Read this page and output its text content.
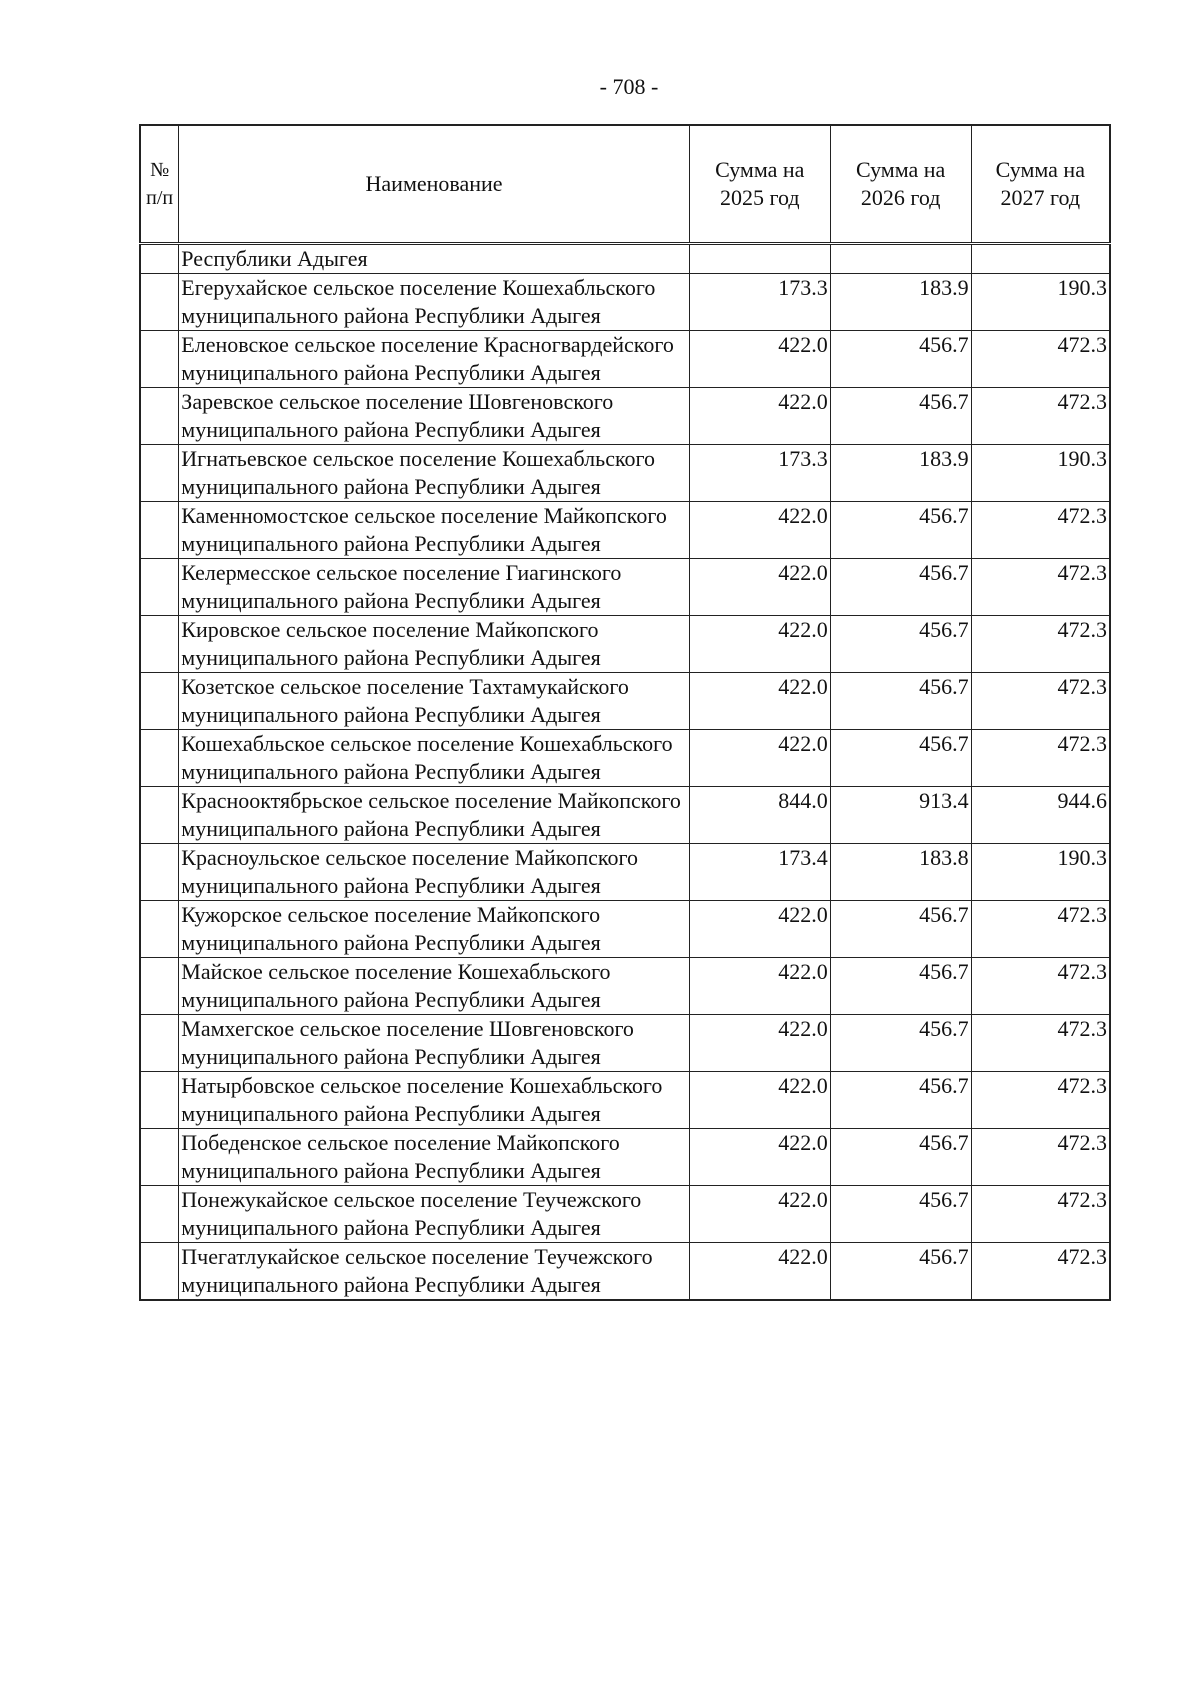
- 708 -
№ п/п	Наименование	Сумма на 2025 год	Сумма на 2026 год	Сумма на 2027 год
	Республики Адыгея			
	Егерухайское сельское поселение Кошехабльского муниципального района Республики Адыгея	173.3	183.9	190.3
	Еленовское сельское поселение Красногвардейского муниципального района Республики Адыгея	422.0	456.7	472.3
	Заревское сельское поселение Шовгеновского муниципального района Республики Адыгея	422.0	456.7	472.3
	Игнатьевское сельское поселение Кошехабльского муниципального района Республики Адыгея	173.3	183.9	190.3
	Каменномостское сельское поселение Майкопского муниципального района Республики Адыгея	422.0	456.7	472.3
	Келермесское сельское поселение Гиагинского муниципального района Республики Адыгея	422.0	456.7	472.3
	Кировское сельское поселение Майкопского муниципального района Республики Адыгея	422.0	456.7	472.3
	Козетское сельское поселение Тахтамукайского муниципального района Республики Адыгея	422.0	456.7	472.3
	Кошехабльское сельское поселение Кошехабльского муниципального района Республики Адыгея	422.0	456.7	472.3
	Краснооктябрьское сельское поселение Майкопского муниципального района Республики Адыгея	844.0	913.4	944.6
	Красноульское сельское поселение Майкопского муниципального района Республики Адыгея	173.4	183.8	190.3
	Кужорское сельское поселение Майкопского муниципального района Республики Адыгея	422.0	456.7	472.3
	Майское сельское поселение Кошехабльского муниципального района Республики Адыгея	422.0	456.7	472.3
	Мамхегское сельское поселение Шовгеновского муниципального района Республики Адыгея	422.0	456.7	472.3
	Натырбовское сельское поселение Кошехабльского муниципального района Республики Адыгея	422.0	456.7	472.3
	Победенское сельское поселение Майкопского муниципального района Республики Адыгея	422.0	456.7	472.3
	Понежукайское сельское поселение Теучежского муниципального района Республики Адыгея	422.0	456.7	472.3
	Пчегатлукайское сельское поселение Теучежского муниципального района Республики Адыгея	422.0	456.7	472.3
